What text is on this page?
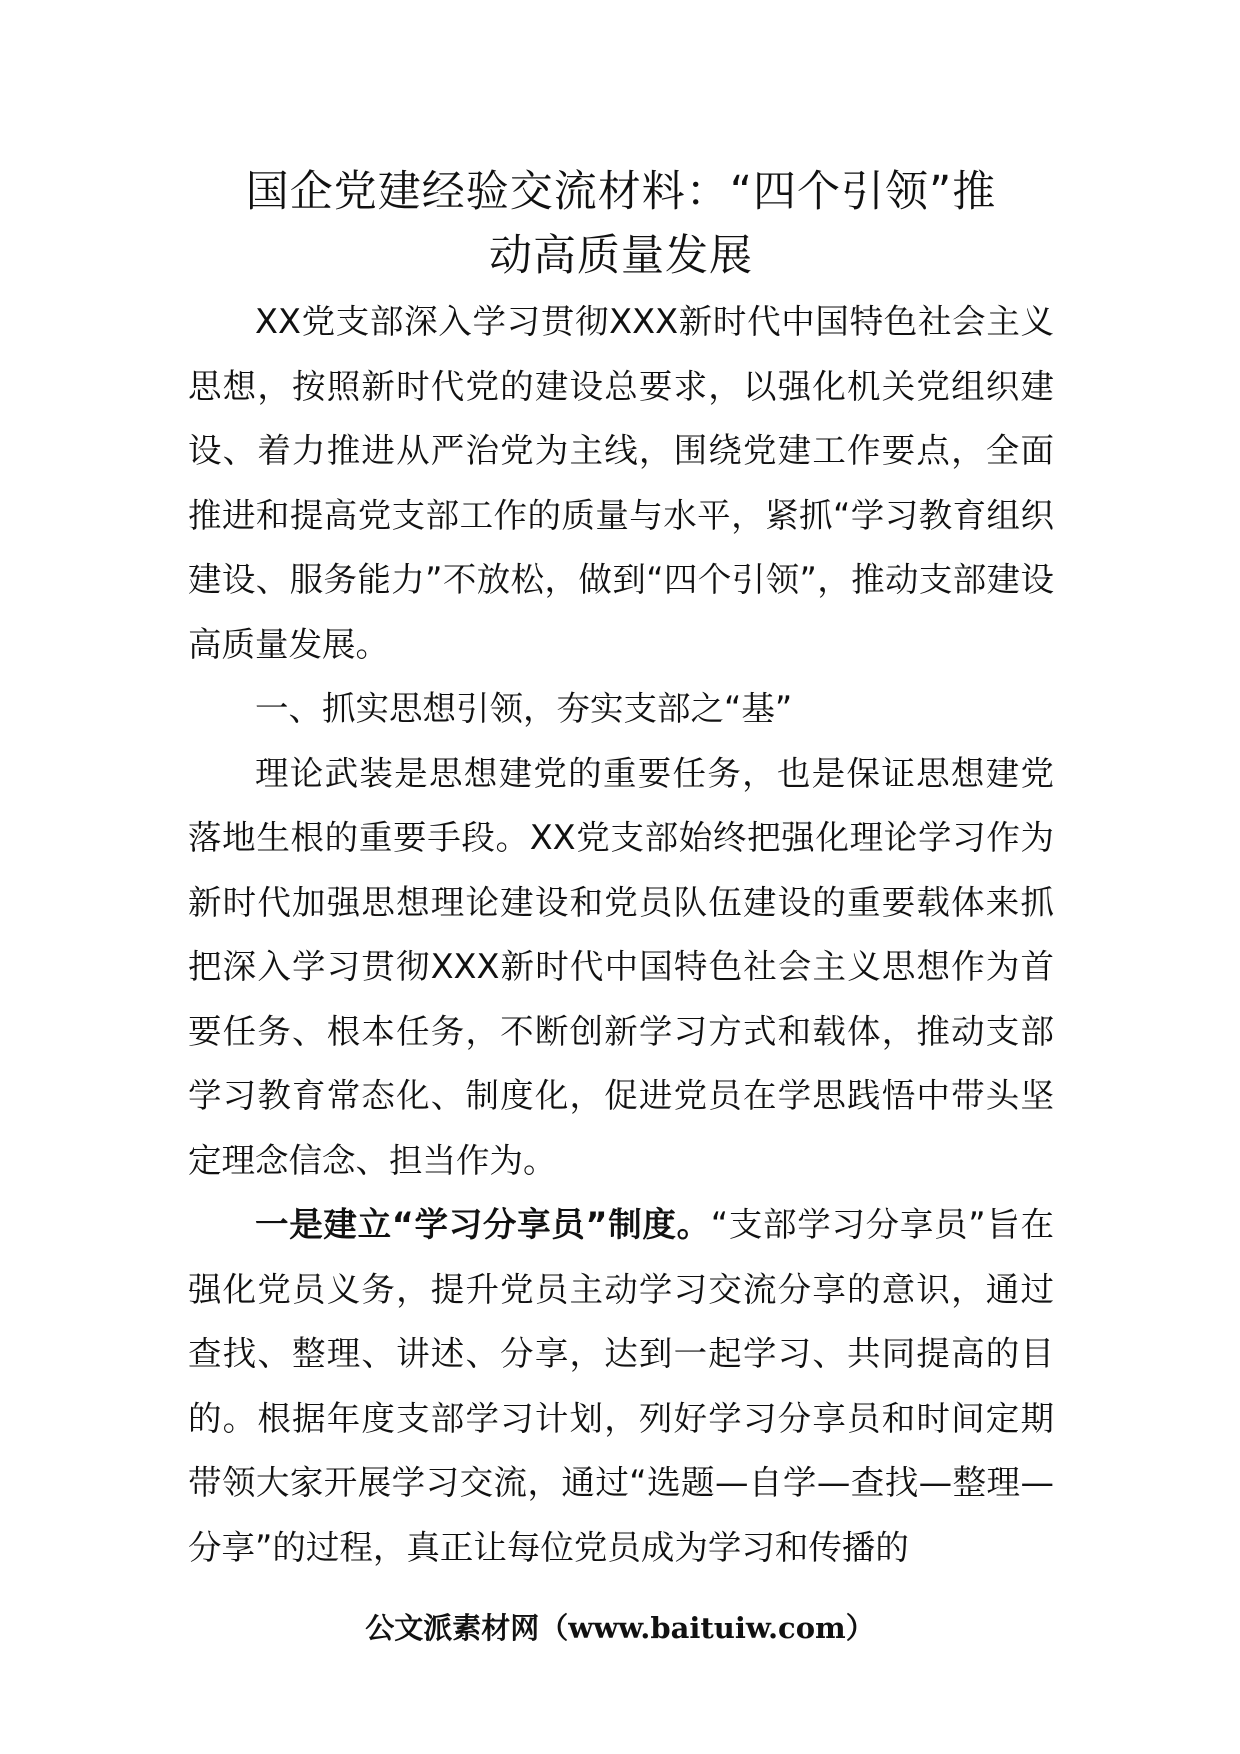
国企党建经验交流材料：“四个引领”推
动高质量发展

XX党支部深入学习贯彻XXX新时代中国特色社会主义思想，按照新时代党的建设总要求，以强化机关党组织建设、着力推进从严治党为主线，围绕党建工作要点，全面推进和提高党支部工作的质量与水平，紧抓“学习教育组织建设、服务能力”不放松，做到“四个引领”，推动支部建设高质量发展。

一、抓实思想引领，夯实支部之“基”

理论武装是思想建党的重要任务，也是保证思想建党落地生根的重要手段。XX党支部始终把强化理论学习作为新时代加强思想理论建设和党员队伍建设的重要载体来抓把深入学习贯彻XXX新时代中国特色社会主义思想作为首要任务、根本任务，不断创新学习方式和载体，推动支部学习教育常态化、制度化，促进党员在学思践悟中带头坚定理念信念、担当作为。

一是建立“学习分享员”制度。“支部学习分享员”旨在强化党员义务，提升党员主动学习交流分享的意识，通过查找、整理、讲述、分享，达到一起学习、共同提高的目的。根据年度支部学习计划，列好学习分享员和时间定期带领大家开展学习交流，通过“选题—自学—查找—整理—分享”的过程，真正让每位党员成为学习和传播的

公文派素材网（www.baituiw.com）
